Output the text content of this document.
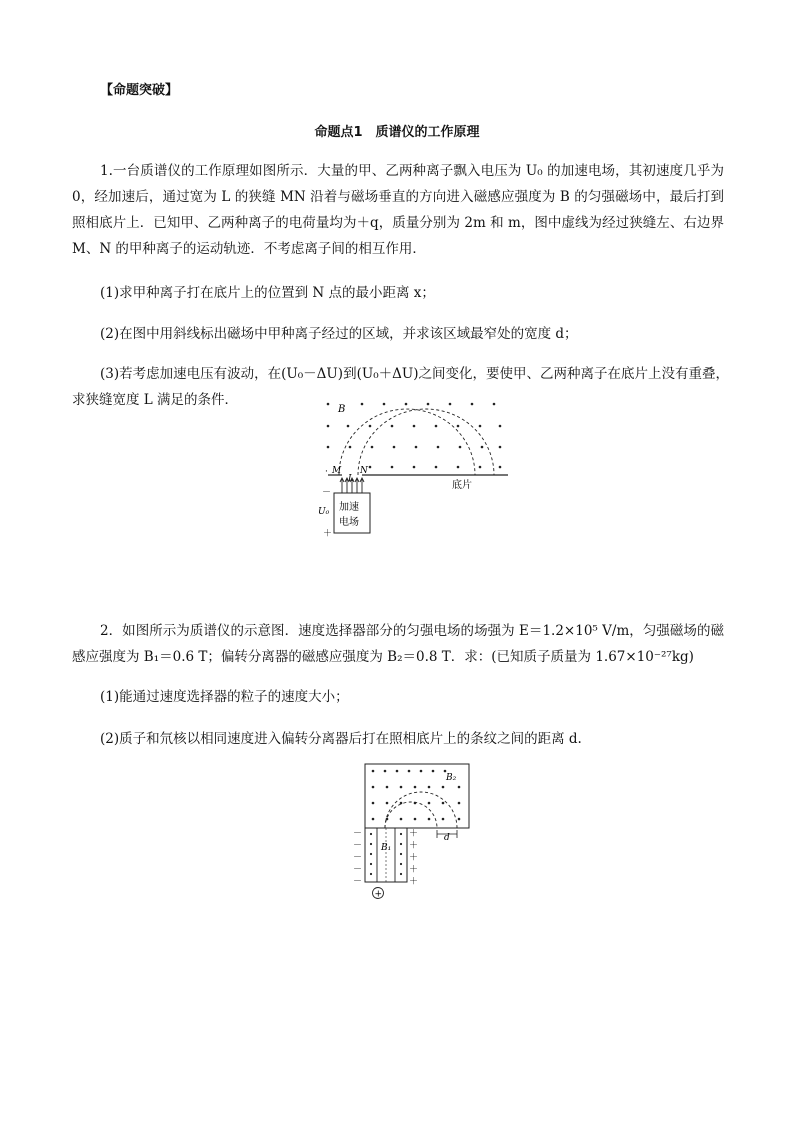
【命题突破】
命题点1　质谱仪的工作原理
1.一台质谱仪的工作原理如图所示．大量的甲、乙两种离子飘入电压为 U₀ 的加速电场，其初速度几乎为 0，经加速后，通过宽为 L 的狭缝 MN 沿着与磁场垂直的方向进入磁感应强度为 B 的匀强磁场中，最后打到照相底片上．已知甲、乙两种离子的电荷量均为＋q，质量分别为 2m 和 m，图中虚线为经过狭缝左、右边界M、N 的甲种离子的运动轨迹．不考虑离子间的相互作用．
(1)求甲种离子打在底片上的位置到 N 点的最小距离 x；
(2)在图中用斜线标出磁场中甲种离子经过的区域，并求该区域最窄处的宽度 d；
(3)若考虑加速电压有波动，在(U₀－ΔU)到(U₀＋ΔU)之间变化，要使甲、乙两种离子在底片上没有重叠，求狭缝宽度 L 满足的条件．
B
· M N
L
底片
加速
电场
－
U₀
＋
2．如图所示为质谱仪的示意图．速度选择器部分的匀强电场的场强为 E＝1.2×10⁵ V/m，匀强磁场的磁感应强度为 B₁＝0.6 T；偏转分离器的磁感应强度为 B₂＝0.8 T．求：(已知质子质量为 1.67×10⁻²⁷kg)
(1)能通过速度选择器的粒子的速度大小；
(2)质子和氘核以相同速度进入偏转分离器后打在照相底片上的条纹之间的距离 d.
B₂
d
B₁
－
－
－
－
－
＋
＋
＋
＋
＋
+
